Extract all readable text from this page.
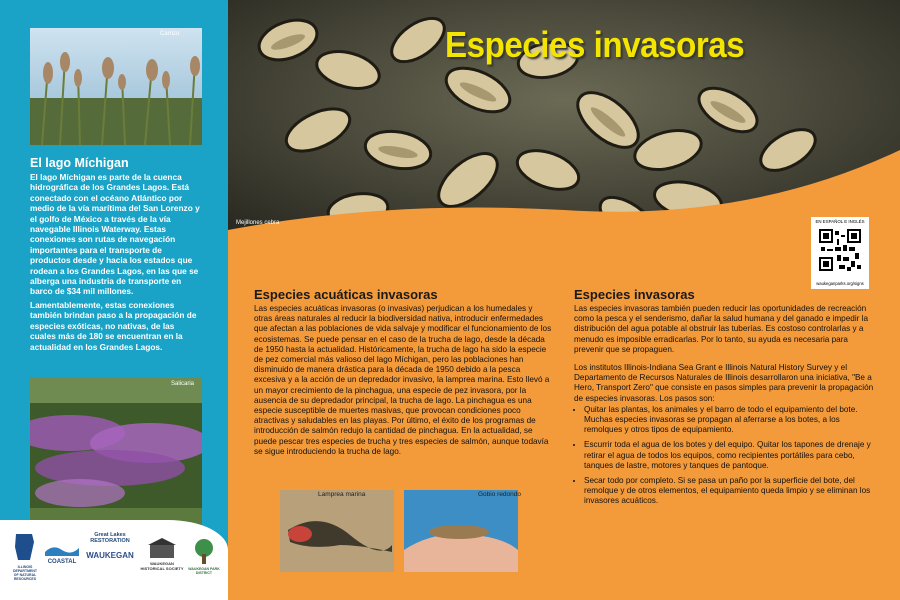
Carrizo
El lago Míchigan

El lago Míchigan es parte de la cuenca hidrográfica de los Grandes Lagos. Está conectado con el océano Atlántico por medio de la vía marítima del San Lorenzo y el golfo de México a través de la vía navegable Illinois Waterway. Estas conexiones son rutas de navegación importantes para el transporte de productos desde y hacia los estados que rodean a los Grandes Lagos, en las que se alberga una industria de transporte en barco de $34 mil millones.

Lamentablemente, estas conexiones también brindan paso a la propagación de especies exóticas, no nativas, de las cuales más de 180 se encuentran en la actualidad en los Grandes Lagos.

Salicaria
ILLINOIS DEPARTMENT OF NATURAL RESOURCES
COASTAL
Great Lakes RESTORATION
WAUKEGAN
WAUKEGAN HISTORICAL SOCIETY	WAUKEGAN PARK DISTRICT
Mejillones cebra
Especies invasoras
EN ESPAÑOL E INGLÉS
waukeganparks.org/signs
Especies acuáticas invasoras

Las especies acuáticas invasoras (o invasivas) perjudican a los humedales y otras áreas naturales al reducir la biodiversidad nativa, introducir enfermedades que afectan a las poblaciones de vida salvaje y modificar el funcionamiento de los ecosistemas. Se puede pensar en el caso de la trucha de lago, desde la década de 1950 hasta la actualidad. Históricamente, la trucha de lago ha sido la especie de pez comercial más valioso del lago Míchigan, pero las poblaciones han disminuido de manera drástica para la década de 1950 debido a la pesca excesiva y a la acción de un depredador invasivo, la lamprea marina. Esto llevó a un mayor crecimiento de la pinchagua, una especie de pez invasora, por la ausencia de su depredador principal, la trucha de lago. La pinchagua es una especie susceptible de muertes masivas, que provocan condiciones poco atractivas y saludables en las playas. Por último, el éxito de los programas de introducción de salmón redujo la cantidad de pinchagua. En la actualidad, se puede pescar tres especies de trucha y tres especies de salmón, aunque todavía se sigue introduciendo la trucha de lago.

Lamprea marina	Gobio redondo
Especies invasoras

Las especies invasoras también pueden reducir las oportunidades de recreación como la pesca y el senderismo, dañar la salud humana y del ganado e impedir la distribución del agua potable al obstruir las tuberías. Es costoso controlarlas y a menudo es imposible erradicarlas. Por lo tanto, su ayuda es necesaria para prevenir que se propaguen.

Los institutos Illinois-Indiana Sea Grant e Illinois Natural History Survey y el Departamento de Recursos Naturales de Illinois desarrollaron una iniciativa, "Be a Hero, Transport Zero" que consiste en pasos simples para prevenir la propagación de especies invasoras. Los pasos son:

• Quitar las plantas, los animales y el barro de todo el equipamiento del bote. Muchas especies invasoras se propagan al aferrarse a los botes, a los remolques y otros tipos de equipamiento.
• Escurrir toda el agua de los botes y del equipo. Quitar los tapones de drenaje y retirar el agua de todos los equipos, como recipientes portátiles para cebo, tanques de lastre, motores y tanques de pantoque.
• Secar todo por completo. Si se pasa un paño por la superficie del bote, del remolque y de otros elementos, el equipamiento queda limpio y se eliminan los invasores acuáticos.
